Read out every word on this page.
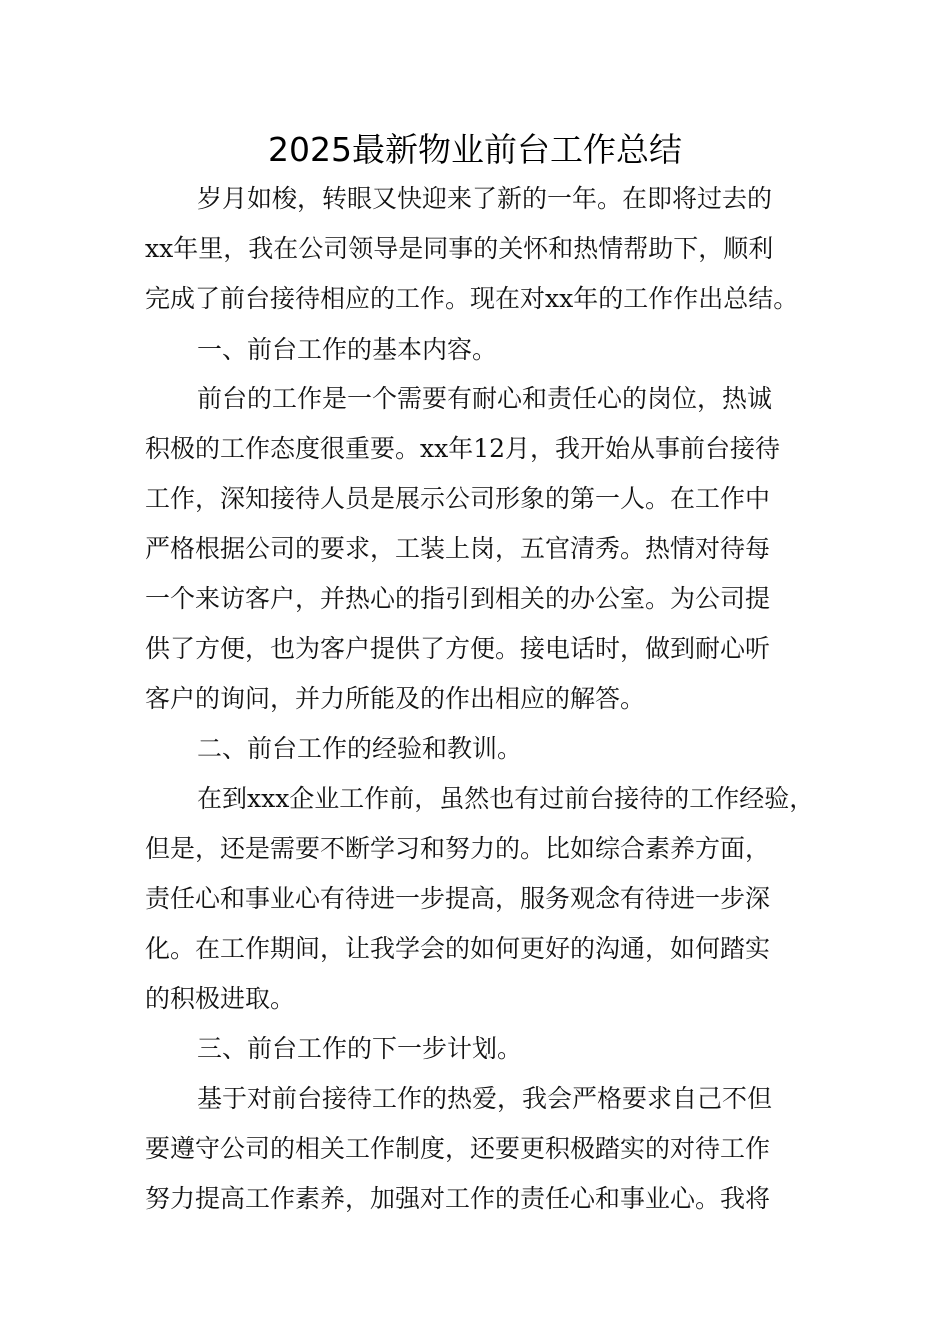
2025最新物业前台工作总结
岁月如梭，转眼又快迎来了新的一年。在即将过去的
xx年里，我在公司领导是同事的关怀和热情帮助下，顺利
完成了前台接待相应的工作。现在对xx年的工作作出总结。
一、前台工作的基本内容。
前台的工作是一个需要有耐心和责任心的岗位，热诚
积极的工作态度很重要。xx年12月，我开始从事前台接待
工作，深知接待人员是展示公司形象的第一人。在工作中
严格根据公司的要求，工装上岗，五官清秀。热情对待每
一个来访客户，并热心的指引到相关的办公室。为公司提
供了方便，也为客户提供了方便。接电话时，做到耐心听
客户的询问，并力所能及的作出相应的解答。
二、前台工作的经验和教训。
在到xxx企业工作前，虽然也有过前台接待的工作经验，
但是，还是需要不断学习和努力的。比如综合素养方面，
责任心和事业心有待进一步提高，服务观念有待进一步深
化。在工作期间，让我学会的如何更好的沟通，如何踏实
的积极进取。
三、前台工作的下一步计划。
基于对前台接待工作的热爱，我会严格要求自己不但
要遵守公司的相关工作制度，还要更积极踏实的对待工作
努力提高工作素养，加强对工作的责任心和事业心。我将
